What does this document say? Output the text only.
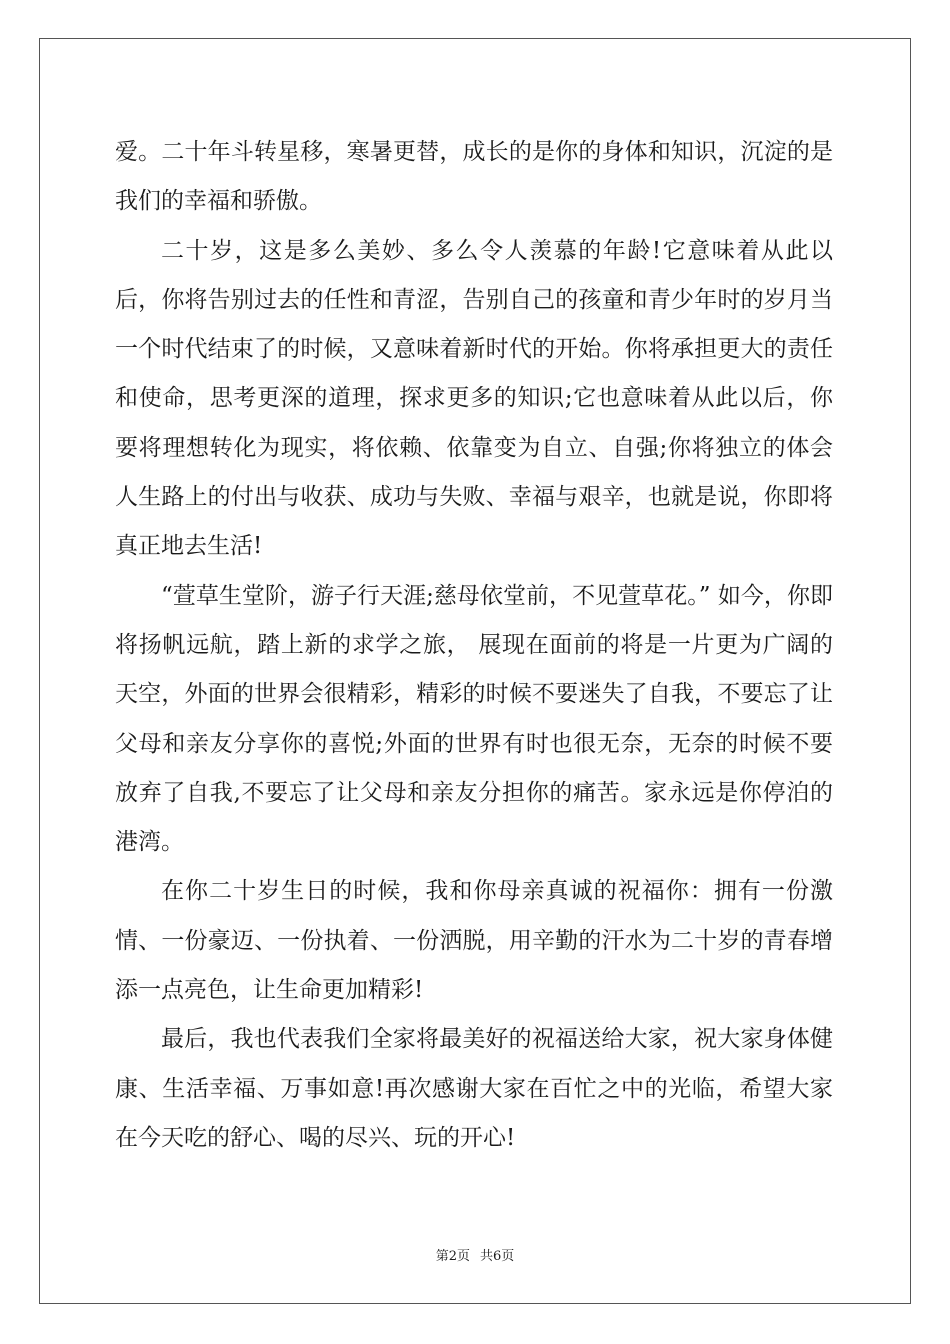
爱。二十年斗转星移，寒暑更替，成长的是你的身体和知识，沉淀的是我们的幸福和骄傲。

二十岁，这是多么美妙、多么令人羡慕的年龄!它意味着从此以后，你将告别过去的任性和青涩，告别自己的孩童和青少年时的岁月当一个时代结束了的时候，又意味着新时代的开始。你将承担更大的责任和使命，思考更深的道理，探求更多的知识;它也意味着从此以后，你要将理想转化为现实，将依赖、依靠变为自立、自强;你将独立的体会人生路上的付出与收获、成功与失败、幸福与艰辛，也就是说，你即将真正地去生活!

“萱草生堂阶，游子行天涯;慈母依堂前，不见萱草花。” 如今，你即将扬帆远航，踏上新的求学之旅， 展现在面前的将是一片更为广阔的天空，外面的世界会很精彩，精彩的时候不要迷失了自我，不要忘了让父母和亲友分享你的喜悦;外面的世界有时也很无奈，无奈的时候不要放弃了自我,不要忘了让父母和亲友分担你的痛苦。家永远是你停泊的港湾。

在你二十岁生日的时候，我和你母亲真诚的祝福你：拥有一份激情、一份豪迈、一份执着、一份洒脱，用辛勤的汗水为二十岁的青春增添一点亮色，让生命更加精彩!

最后，我也代表我们全家将最美好的祝福送给大家，祝大家身体健康、生活幸福、万事如意!再次感谢大家在百忙之中的光临，希望大家在今天吃的舒心、喝的尽兴、玩的开心!

第2页 共6页
